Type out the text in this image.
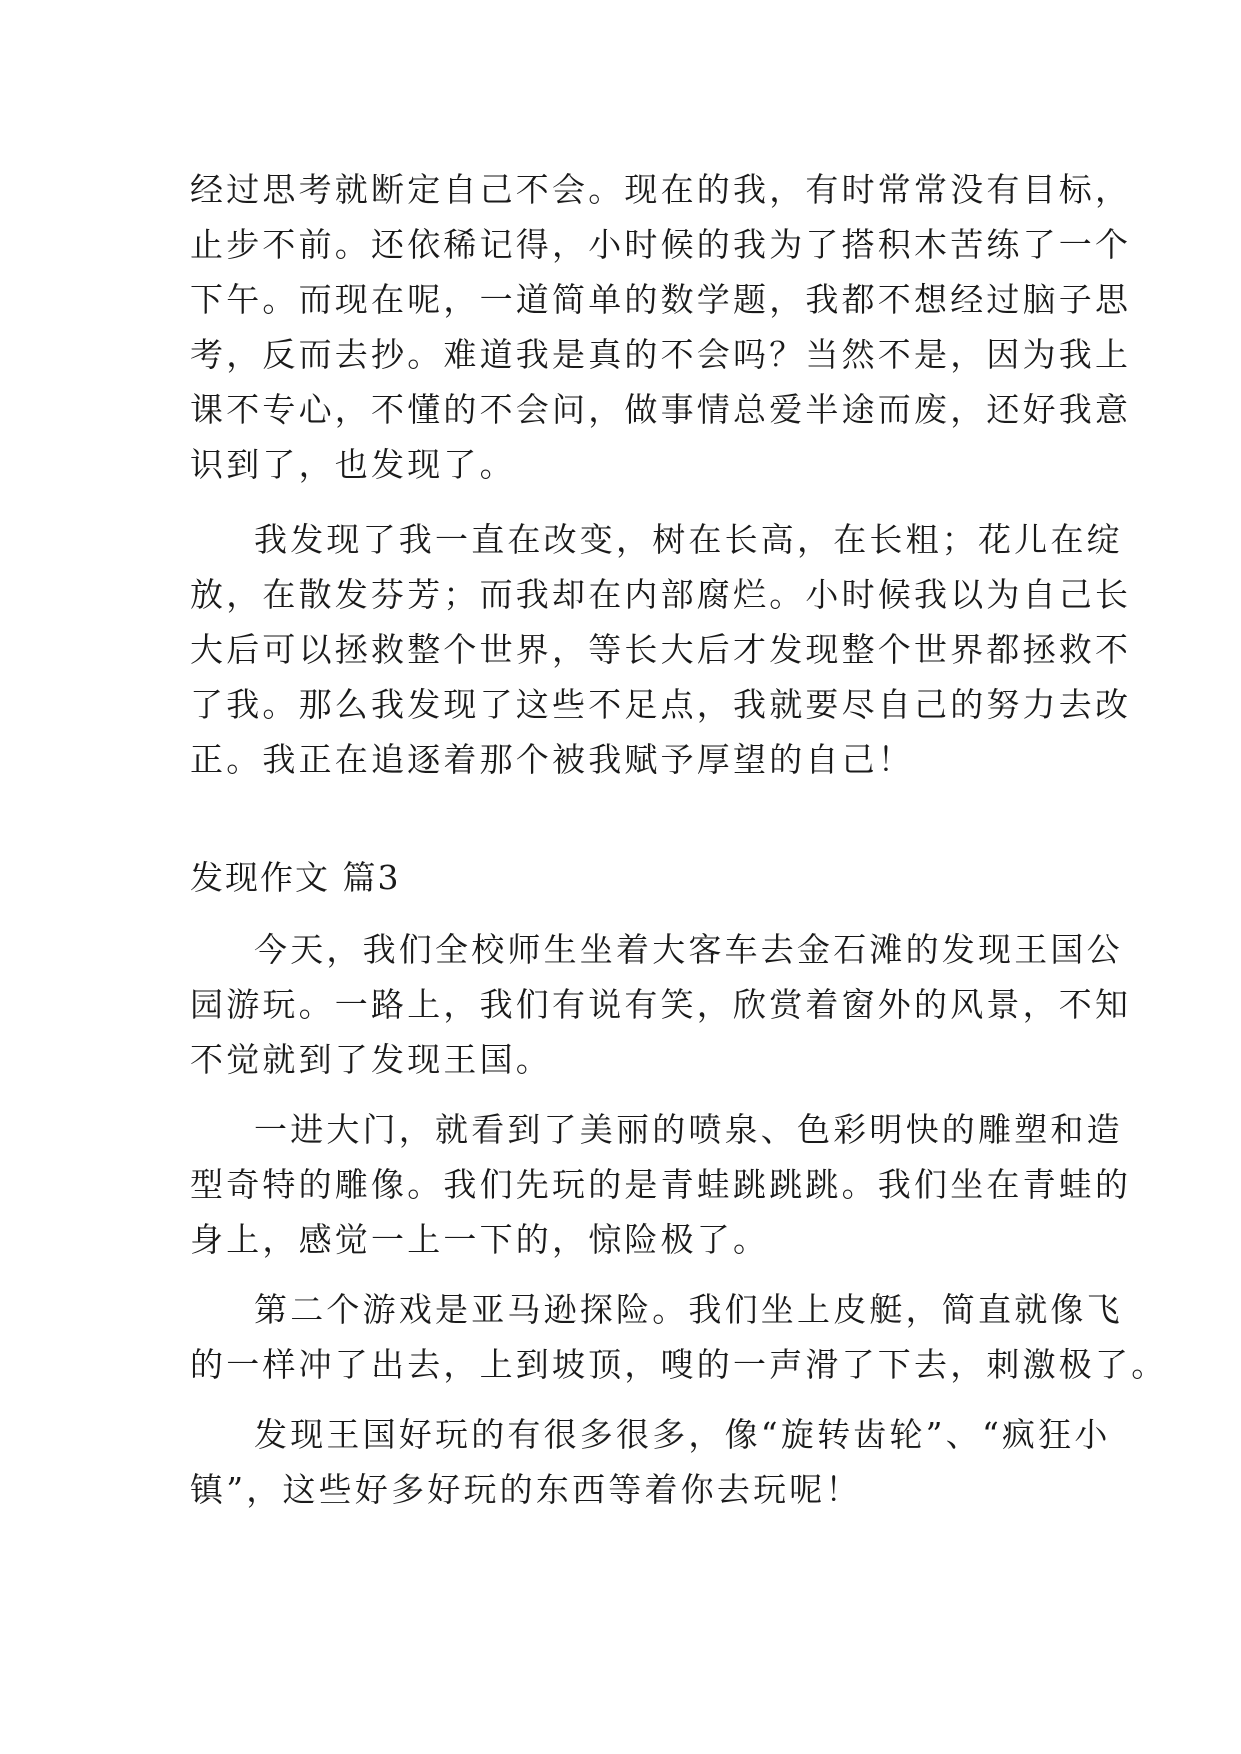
经过思考就断定自己不会。现在的我，有时常常没有目标，

止步不前。还依稀记得，小时候的我为了搭积木苦练了一个

下午。而现在呢，一道简单的数学题，我都不想经过脑子思

考，反而去抄。难道我是真的不会吗？当然不是，因为我上

课不专心，不懂的不会问，做事情总爱半途而废，还好我意

识到了，也发现了。

我发现了我一直在改变，树在长高，在长粗；花儿在绽

放，在散发芬芳；而我却在内部腐烂。小时候我以为自己长

大后可以拯救整个世界，等长大后才发现整个世界都拯救不

了我。那么我发现了这些不足点，我就要尽自己的努力去改

正。我正在追逐着那个被我赋予厚望的自己！

发现作文 篇3

今天，我们全校师生坐着大客车去金石滩的发现王国公

园游玩。一路上，我们有说有笑，欣赏着窗外的风景，不知

不觉就到了发现王国。

一进大门，就看到了美丽的喷泉、色彩明快的雕塑和造

型奇特的雕像。我们先玩的是青蛙跳跳跳。我们坐在青蛙的

身上，感觉一上一下的，惊险极了。

第二个游戏是亚马逊探险。我们坐上皮艇，简直就像飞

的一样冲了出去，上到坡顶，嗖的一声滑了下去，刺激极了。

发现王国好玩的有很多很多，像“旋转齿轮”、“疯狂小

镇”，这些好多好玩的东西等着你去玩呢！
